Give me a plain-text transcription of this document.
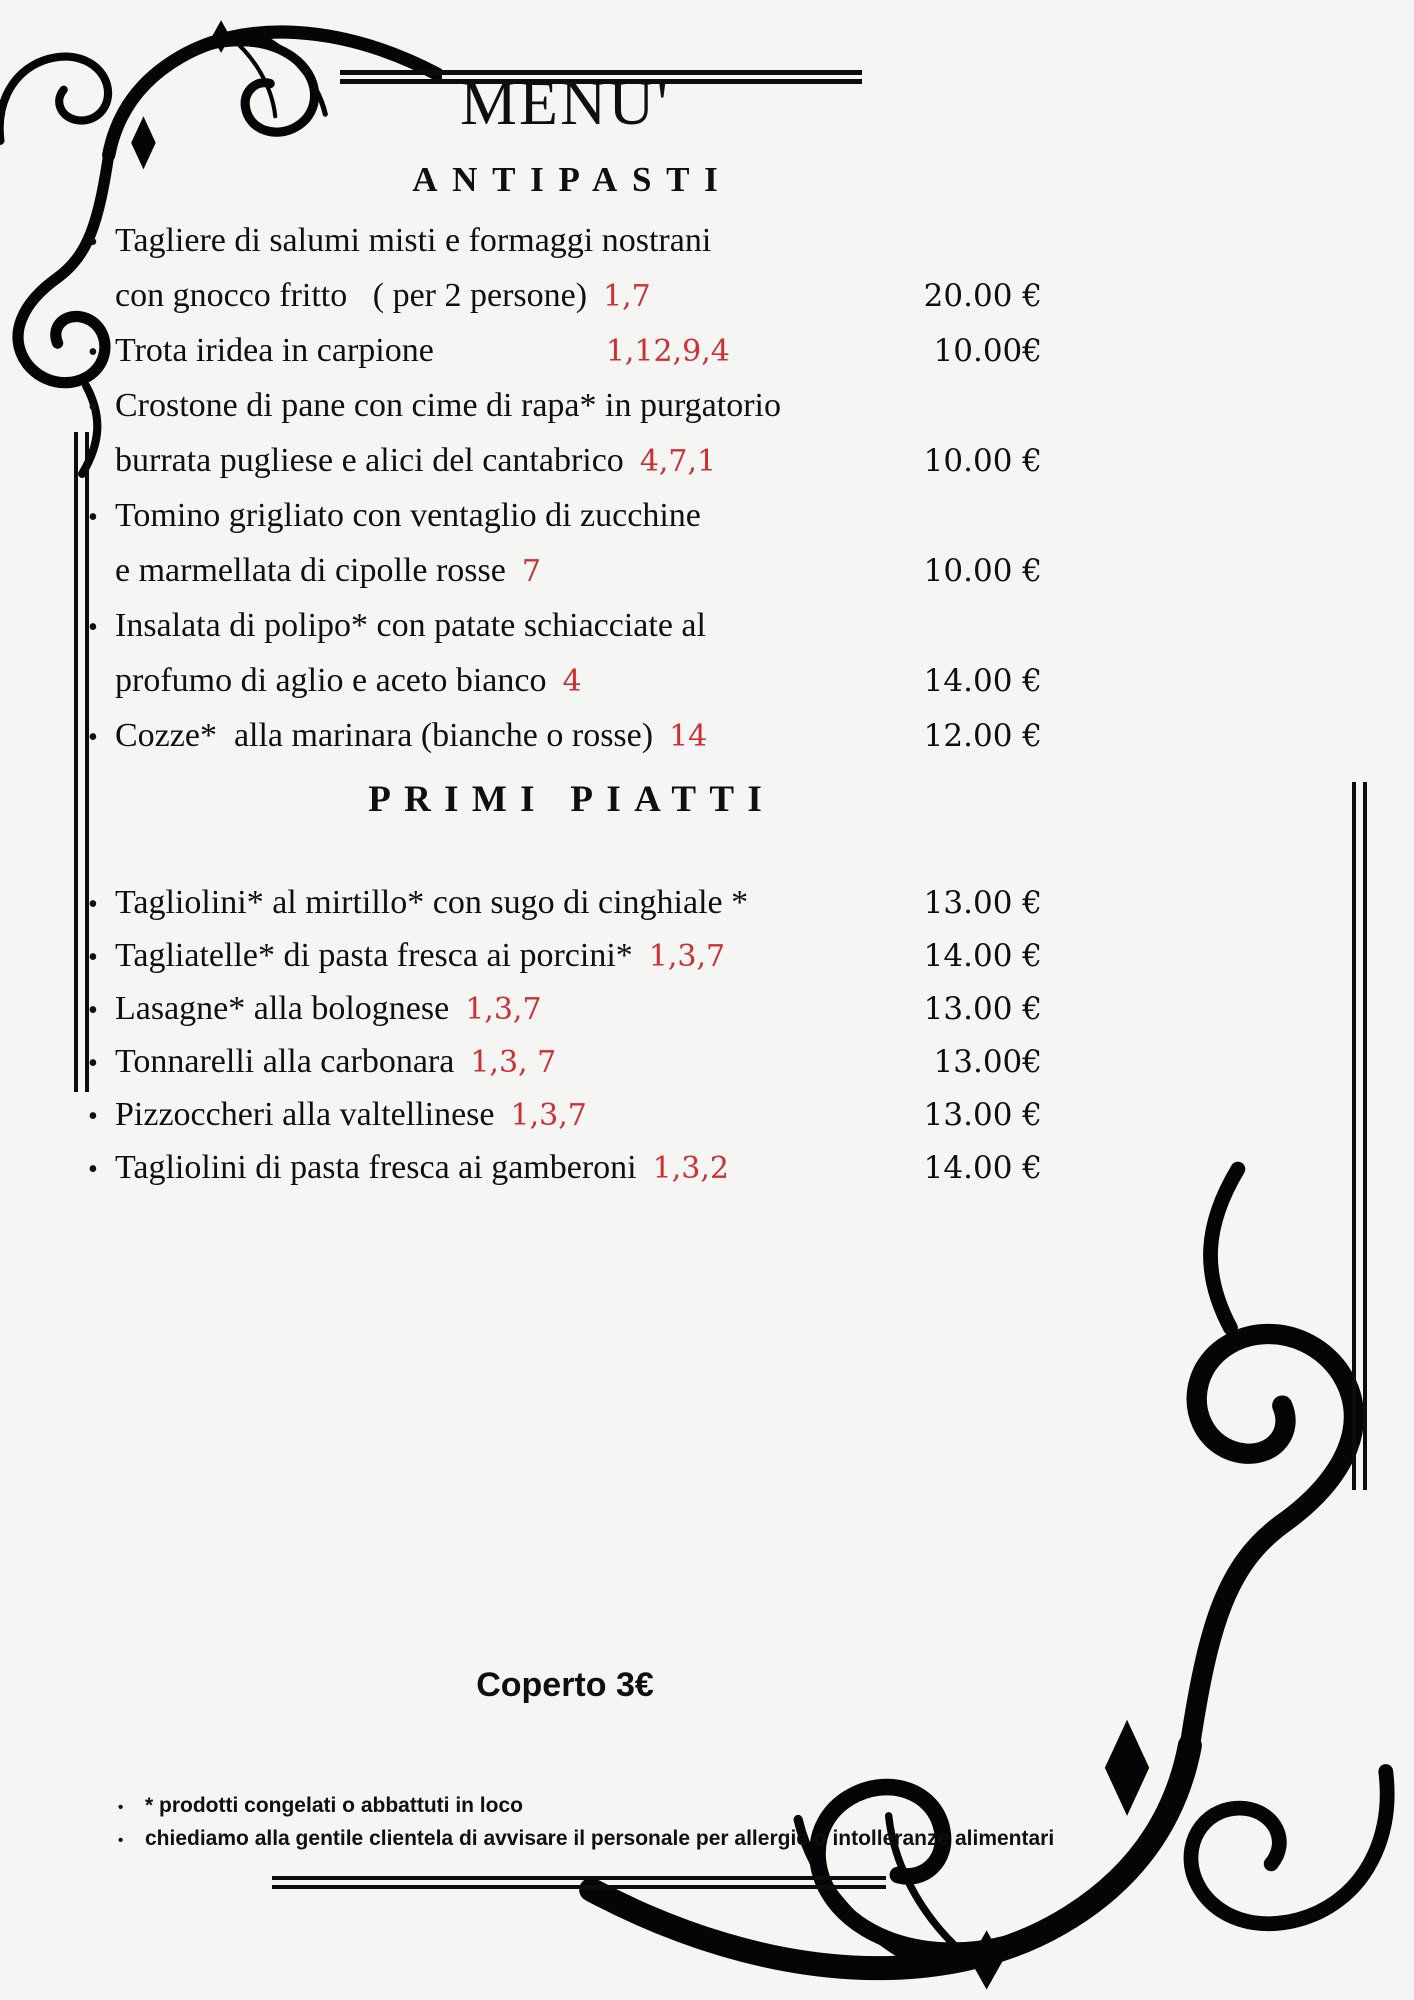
MENU'
ANTIPASTI
PRIMI PIATTI
• Tagliere di salumi misti e formaggi nostrani
con gnocco fritto   ( per 2 persone) 1,7	20.00 €
• Trota iridea in carpione	1,12,9,4	10.00€
• Crostone di pane con cime di rapa* in purgatorio
burrata pugliese e alici del cantabrico 4,7,1	10.00 €
• Tomino grigliato con ventaglio di zucchine
e marmellata di cipolle rosse 7	10.00 €
• Insalata di polipo* con patate schiacciate al
profumo di aglio e aceto bianco 4	14.00 €
• Cozze*  alla marinara (bianche o rosse) 14	12.00 €
• Tagliolini* al mirtillo* con sugo di cinghiale *	13.00 €
• Tagliatelle* di pasta fresca ai porcini* 1,3,7	14.00 €
• Lasagne* alla bolognese 1,3,7	13.00 €
• Tonnarelli alla carbonara 1,3, 7	13.00€
• Pizzoccheri alla valtellinese 1,3,7	13.00 €
• Tagliolini di pasta fresca ai gamberoni 1,3,2	14.00 €
Coperto 3€
•	* prodotti congelati o abbattuti in loco
•	chiediamo alla gentile clientela di avvisare il personale per allergie o intolleranze alimentari
